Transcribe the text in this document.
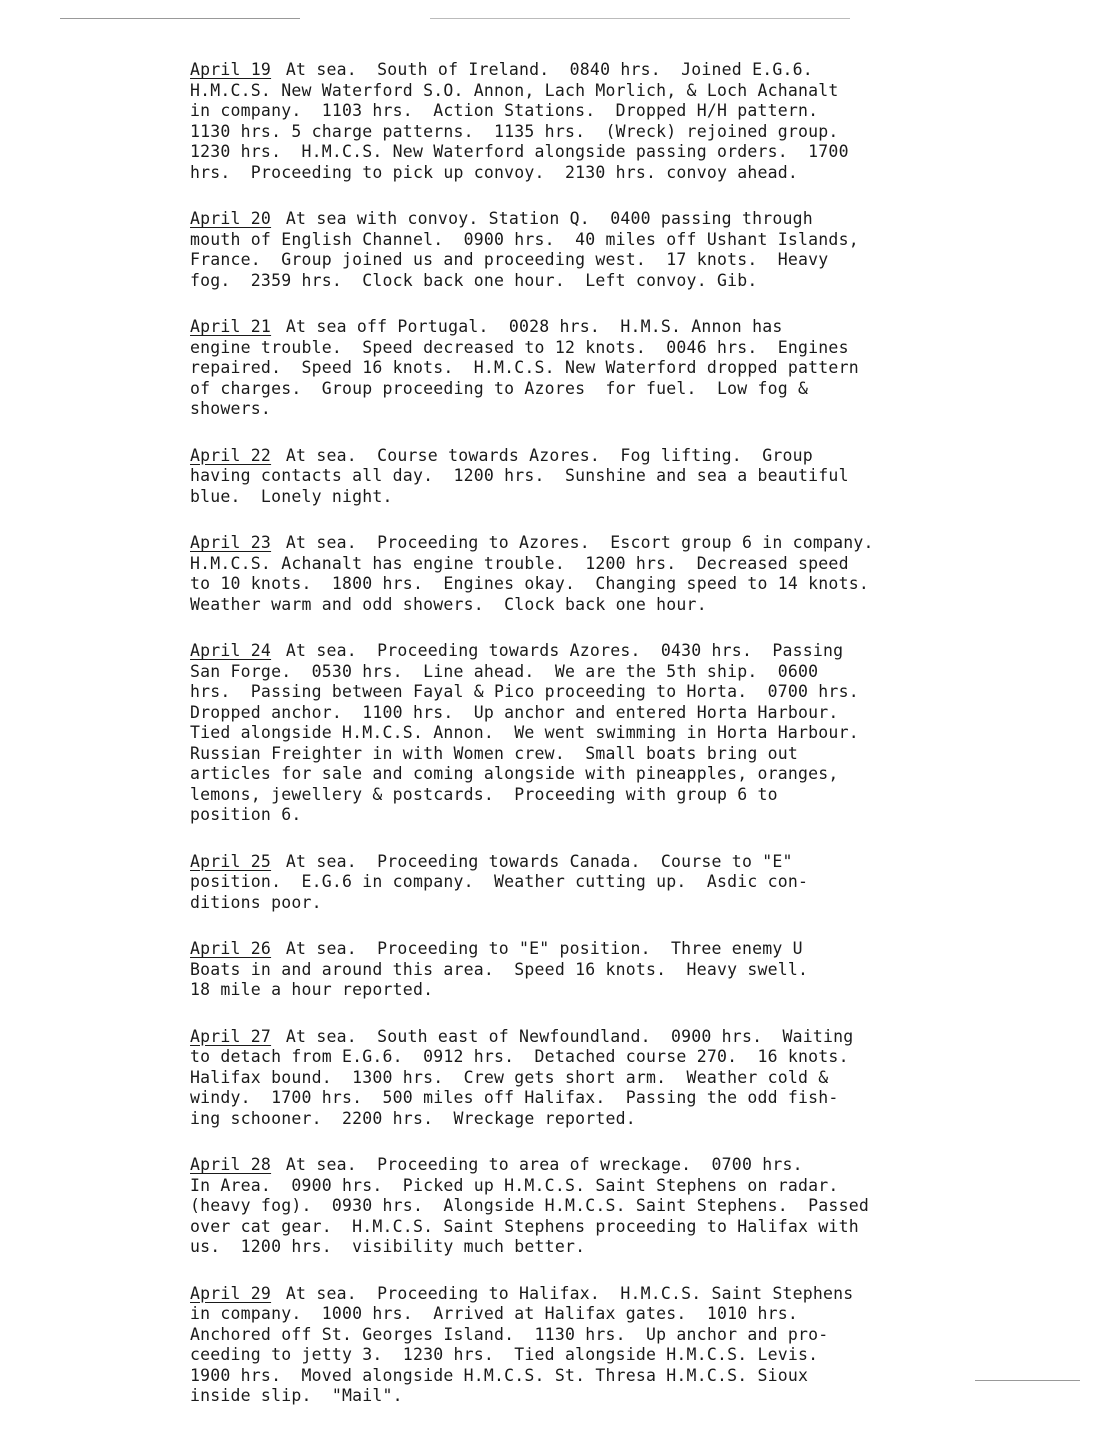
April 19 At sea.  South of Ireland.  0840 hrs.  Joined E.G.6.
H.M.C.S. New Waterford S.O. Annon, Lach Morlich, & Loch Achanalt
in company.  1103 hrs.  Action Stations.  Dropped H/H pattern.
1130 hrs. 5 charge patterns.  1135 hrs.  (Wreck) rejoined group.
1230 hrs.  H.M.C.S. New Waterford alongside passing orders.  1700
hrs.  Proceeding to pick up convoy.  2130 hrs. convoy ahead.
April 20 At sea with convoy. Station Q.  0400 passing through
mouth of English Channel.  0900 hrs.  40 miles off Ushant Islands,
France.  Group joined us and proceeding west.  17 knots.  Heavy
fog.  2359 hrs.  Clock back one hour.  Left convoy. Gib.
April 21 At sea off Portugal.  0028 hrs.  H.M.S. Annon has
engine trouble.  Speed decreased to 12 knots.  0046 hrs.  Engines
repaired.  Speed 16 knots.  H.M.C.S. New Waterford dropped pattern
of charges.  Group proceeding to Azores  for fuel.  Low fog &
showers.
April 22 At sea.  Course towards Azores.  Fog lifting.  Group
having contacts all day.  1200 hrs.  Sunshine and sea a beautiful
blue.  Lonely night.
April 23 At sea.  Proceeding to Azores.  Escort group 6 in company.
H.M.C.S. Achanalt has engine trouble.  1200 hrs.  Decreased speed
to 10 knots.  1800 hrs.  Engines okay.  Changing speed to 14 knots.
Weather warm and odd showers.  Clock back one hour.
April 24 At sea.  Proceeding towards Azores.  0430 hrs.  Passing
San Forge.  0530 hrs.  Line ahead.  We are the 5th ship.  0600
hrs.  Passing between Fayal & Pico proceeding to Horta.  0700 hrs.
Dropped anchor.  1100 hrs.  Up anchor and entered Horta Harbour.
Tied alongside H.M.C.S. Annon.  We went swimming in Horta Harbour.
Russian Freighter in with Women crew.  Small boats bring out
articles for sale and coming alongside with pineapples, oranges,
lemons, jewellery & postcards.  Proceeding with group 6 to
position 6.
April 25 At sea.  Proceeding towards Canada.  Course to "E"
position.  E.G.6 in company.  Weather cutting up.  Asdic con-
ditions poor.
April 26 At sea.  Proceeding to "E" position.  Three enemy U
Boats in and around this area.  Speed 16 knots.  Heavy swell.
18 mile a hour reported.
April 27 At sea.  South east of Newfoundland.  0900 hrs.  Waiting
to detach from E.G.6.  0912 hrs.  Detached course 270.  16 knots.
Halifax bound.  1300 hrs.  Crew gets short arm.  Weather cold &
windy.  1700 hrs.  500 miles off Halifax.  Passing the odd fish-
ing schooner.  2200 hrs.  Wreckage reported.
April 28 At sea.  Proceeding to area of wreckage.  0700 hrs.
In Area.  0900 hrs.  Picked up H.M.C.S. Saint Stephens on radar.
(heavy fog).  0930 hrs.  Alongside H.M.C.S. Saint Stephens.  Passed
over cat gear.  H.M.C.S. Saint Stephens proceeding to Halifax with
us.  1200 hrs.  visibility much better.
April 29 At sea.  Proceeding to Halifax.  H.M.C.S. Saint Stephens
in company.  1000 hrs.  Arrived at Halifax gates.  1010 hrs.
Anchored off St. Georges Island.  1130 hrs.  Up anchor and pro-
ceeding to jetty 3.  1230 hrs.  Tied alongside H.M.C.S. Levis.
1900 hrs.  Moved alongside H.M.C.S. St. Thresa H.M.C.S. Sioux
inside slip.  "Mail".
